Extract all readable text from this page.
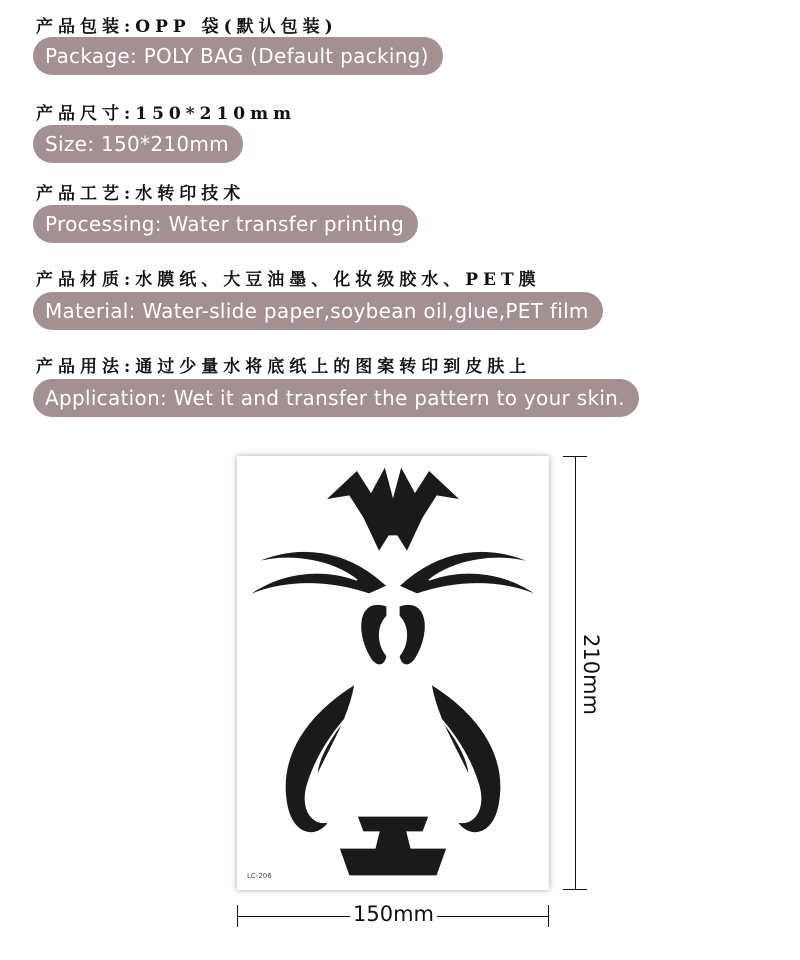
产品包装:OPP 袋(默认包装)
Package: POLY BAG (Default packing)
产品尺寸:150*210mm
Size: 150*210mm
产品工艺:水转印技术
Processing: Water transfer printing
产品材质:水膜纸、大豆油墨、化妆级胶水、PET膜
Material: Water-slide paper,soybean oil,glue,PET film
产品用法:通过少量水将底纸上的图案转印到皮肤上
Application: Wet it and transfer the pattern to your skin.
LC-206
150mm
210mm
